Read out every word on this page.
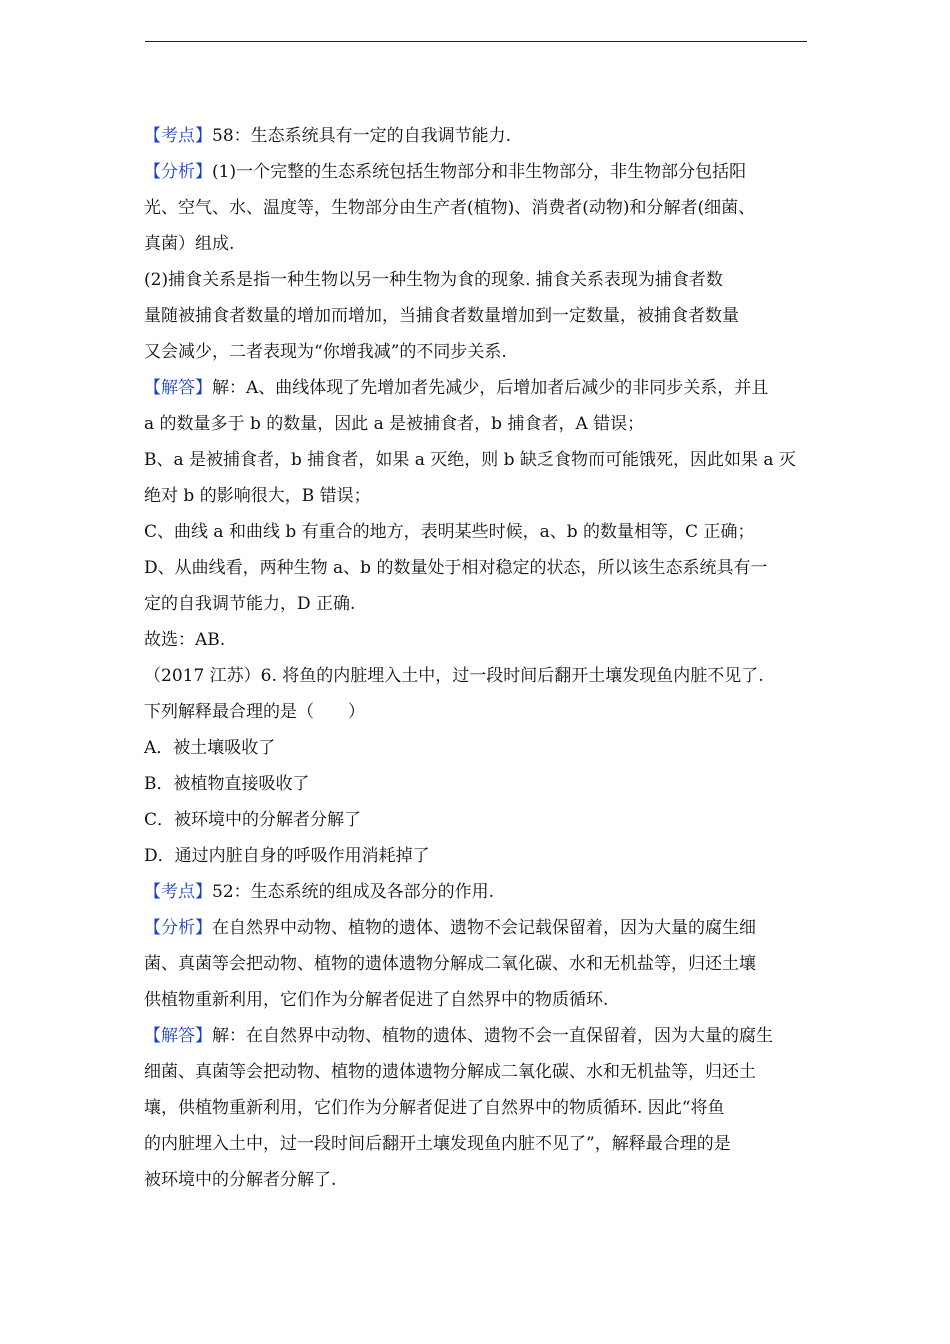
【考点】58：生态系统具有一定的自我调节能力.
【分析】(1)一个完整的生态系统包括生物部分和非生物部分，非生物部分包括阳
光、空气、水、温度等，生物部分由生产者(植物)、消费者(动物)和分解者(细菌、
真菌）组成.
(2)捕食关系是指一种生物以另一种生物为食的现象. 捕食关系表现为捕食者数
量随被捕食者数量的增加而增加，当捕食者数量增加到一定数量，被捕食者数量
又会减少，二者表现为“你增我减”的不同步关系.
【解答】解：A、曲线体现了先增加者先减少，后增加者后减少的非同步关系，并且
a 的数量多于 b 的数量，因此 a 是被捕食者，b 捕食者，A 错误；
B、a 是被捕食者，b 捕食者，如果 a 灭绝，则 b 缺乏食物而可能饿死，因此如果 a 灭
绝对 b 的影响很大，B 错误；
C、曲线 a 和曲线 b 有重合的地方，表明某些时候，a、b 的数量相等，C 正确；
D、从曲线看，两种生物 a、b 的数量处于相对稳定的状态，所以该生态系统具有一
定的自我调节能力，D 正确.
故选：AB.
（2017 江苏）6. 将鱼的内脏埋入土中，过一段时间后翻开土壤发现鱼内脏不见了.
下列解释最合理的是（　　）
A．被土壤吸收了
B．被植物直接吸收了
C．被环境中的分解者分解了
D．通过内脏自身的呼吸作用消耗掉了
【考点】52：生态系统的组成及各部分的作用.
【分析】在自然界中动物、植物的遗体、遗物不会记载保留着，因为大量的腐生细
菌、真菌等会把动物、植物的遗体遗物分解成二氧化碳、水和无机盐等，归还土壤
供植物重新利用，它们作为分解者促进了自然界中的物质循环.
【解答】解：在自然界中动物、植物的遗体、遗物不会一直保留着，因为大量的腐生
细菌、真菌等会把动物、植物的遗体遗物分解成二氧化碳、水和无机盐等，归还土
壤，供植物重新利用，它们作为分解者促进了自然界中的物质循环. 因此“将鱼
的内脏埋入土中，过一段时间后翻开土壤发现鱼内脏不见了”，解释最合理的是
被环境中的分解者分解了.
